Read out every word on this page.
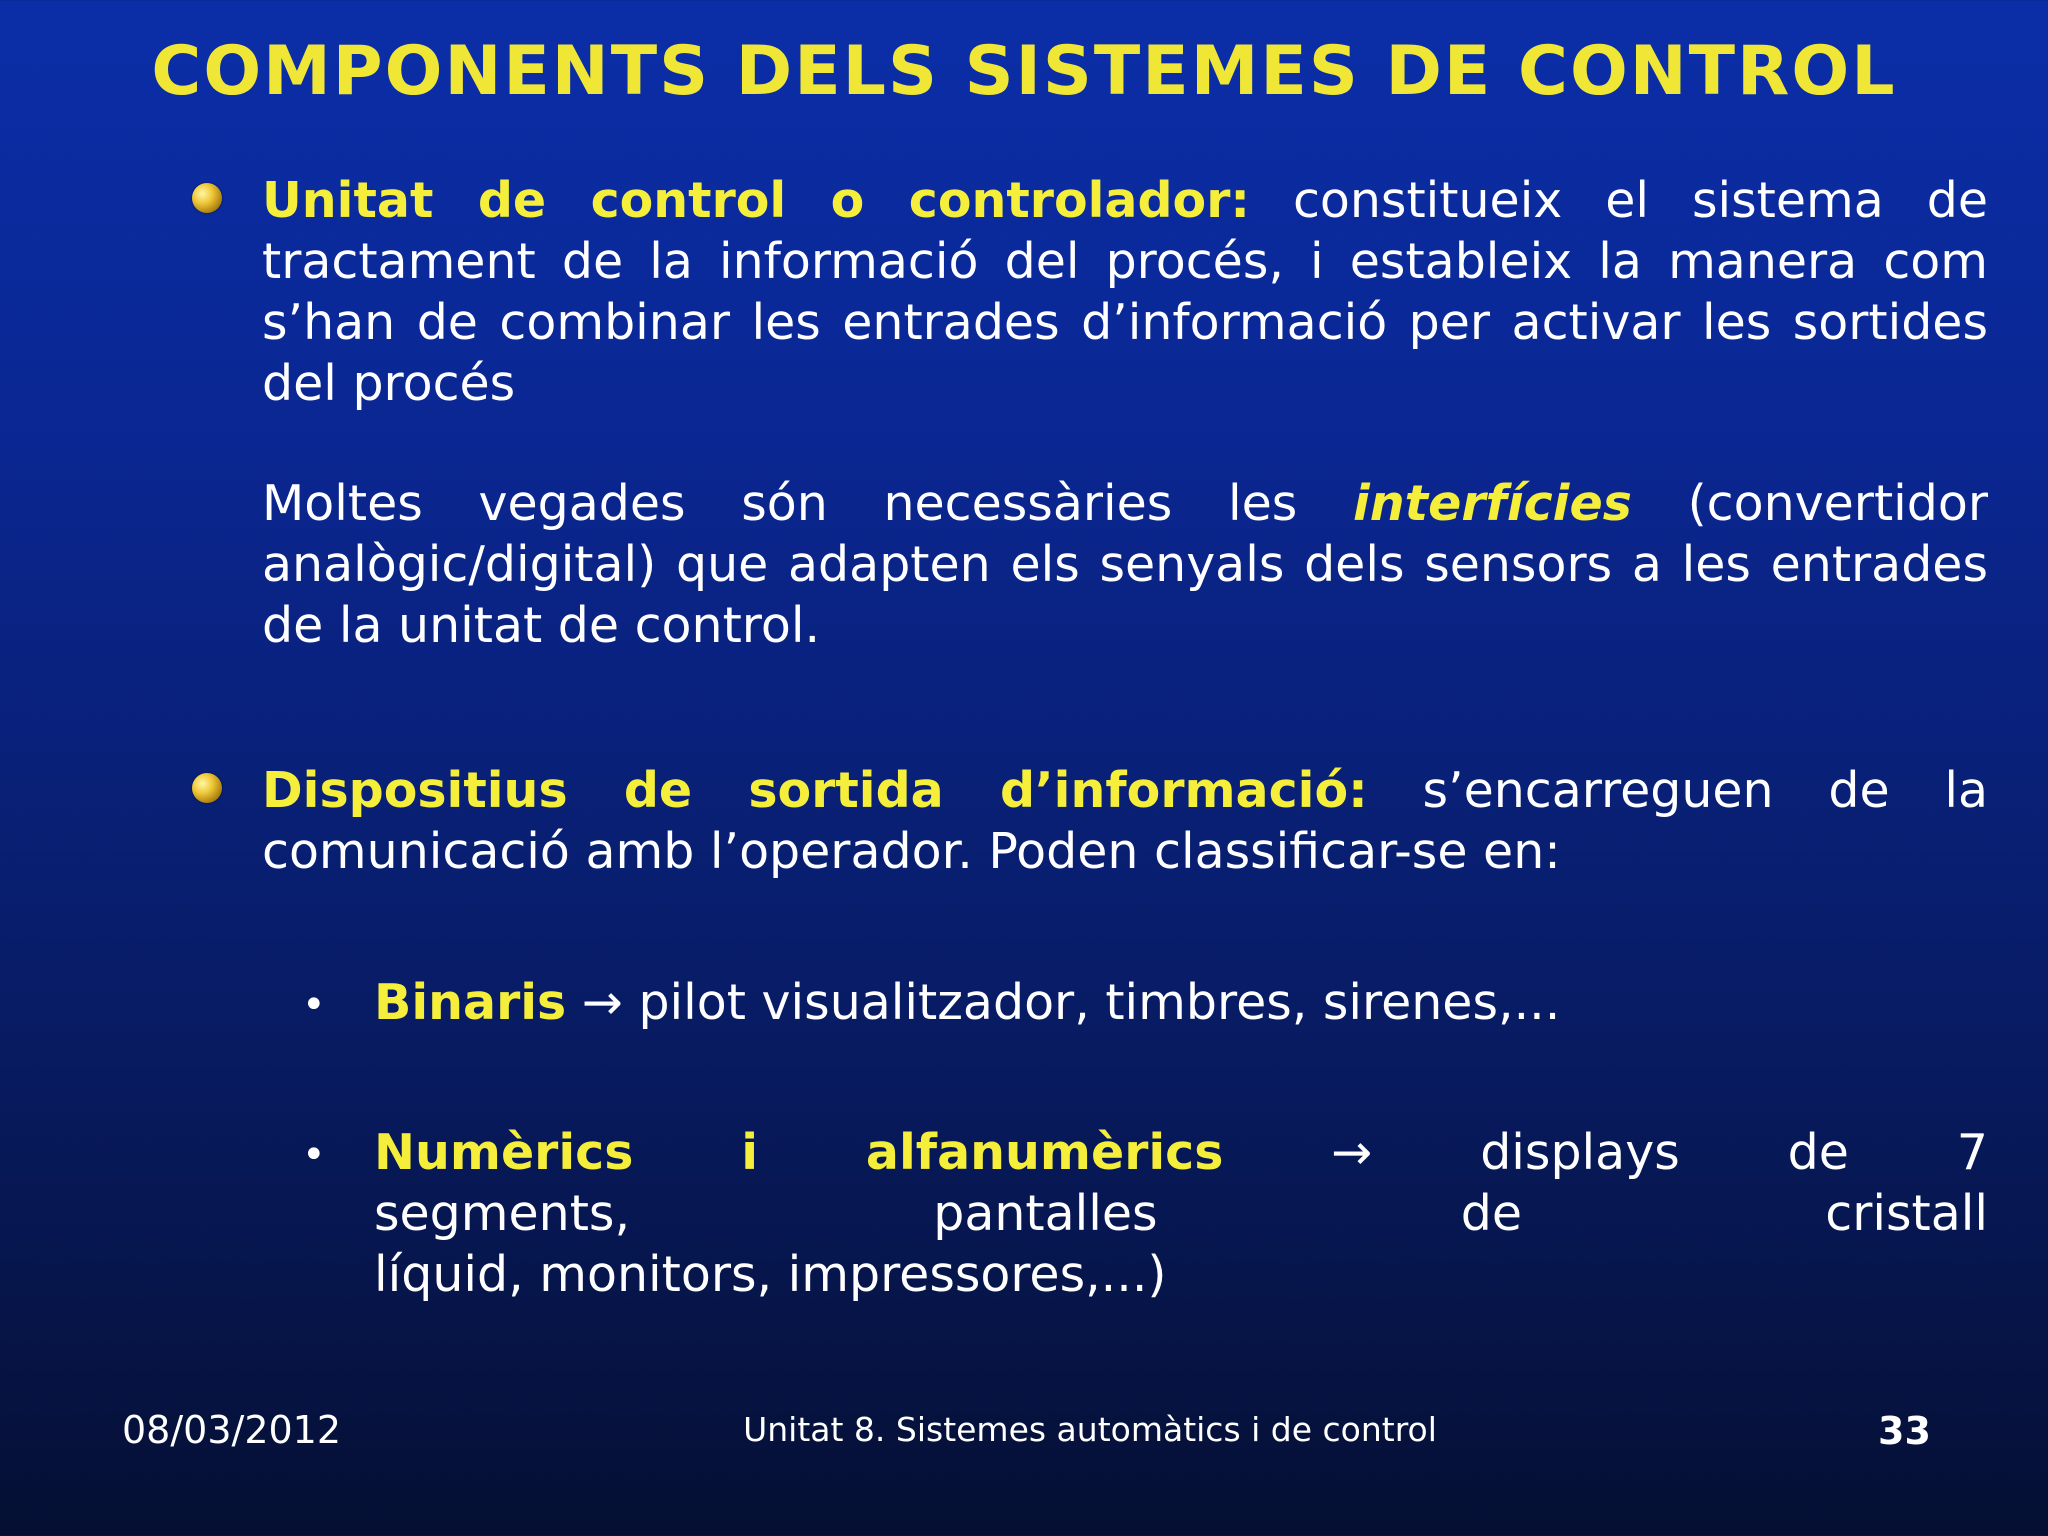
COMPONENTS DELS SISTEMES DE CONTROL
Unitat de control o controlador: constitueix el sistema de tractament de la informació del procés, i estableix la manera com s’han de combinar les entrades d’informació per activar les sortides del procés
Moltes vegades són necessàries les interfícies (convertidor analògic/digital) que adapten els senyals dels sensors a les entrades de la unitat de control.
Dispositius de sortida d’informació: s’encarreguen de la comunicació amb l’operador. Poden classificar-se en:
• Binaris → pilot visualitzador, timbres, sirenes,...
• Numèrics i alfanumèrics → displays de 7
segments,	pantalles	de	cristall
líquid, monitors, impressores,...)
08/03/2012	Unitat 8. Sistemes automàtics i de control	33
